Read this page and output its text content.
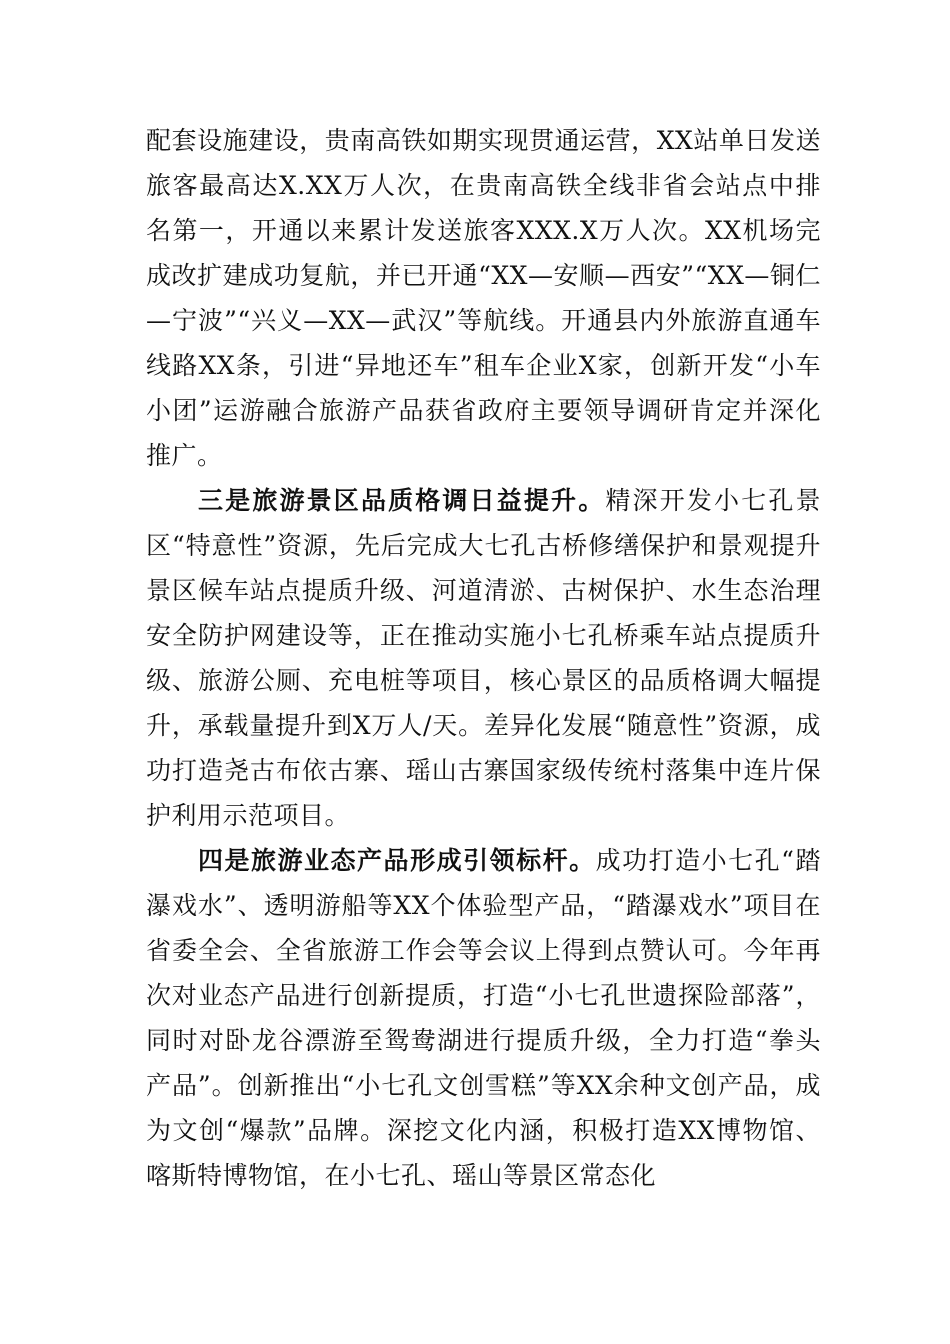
配套设施建设，贵南高铁如期实现贯通运营，XX站单日发送旅客最高达X.XX万人次，在贵南高铁全线非省会站点中排名第一，开通以来累计发送旅客XXX.X万人次。XX机场完成改扩建成功复航，并已开通“XX—安顺—西安”“XX—铜仁—宁波”“兴义—XX—武汉”等航线。开通县内外旅游直通车线路XX条，引进“异地还车”租车企业X家，创新开发“小车小团”运游融合旅游产品获省政府主要领导调研肯定并深化推广。

三是旅游景区品质格调日益提升。精深开发小七孔景区“特意性”资源，先后完成大七孔古桥修缮保护和景观提升景区候车站点提质升级、河道清淤、古树保护、水生态治理安全防护网建设等，正在推动实施小七孔桥乘车站点提质升级、旅游公厕、充电桩等项目，核心景区的品质格调大幅提升，承载量提升到X万人/天。差异化发展“随意性”资源，成功打造尧古布依古寨、瑶山古寨国家级传统村落集中连片保护利用示范项目。

四是旅游业态产品形成引领标杆。成功打造小七孔“踏瀑戏水”、透明游船等XX个体验型产品，“踏瀑戏水”项目在省委全会、全省旅游工作会等会议上得到点赞认可。今年再次对业态产品进行创新提质，打造“小七孔世遗探险部落”，同时对卧龙谷漂游至鸳鸯湖进行提质升级，全力打造“拳头产品”。创新推出“小七孔文创雪糕”等XX余种文创产品，成为文创“爆款”品牌。深挖文化内涵，积极打造XX博物馆、喀斯特博物馆，在小七孔、瑶山等景区常态化
